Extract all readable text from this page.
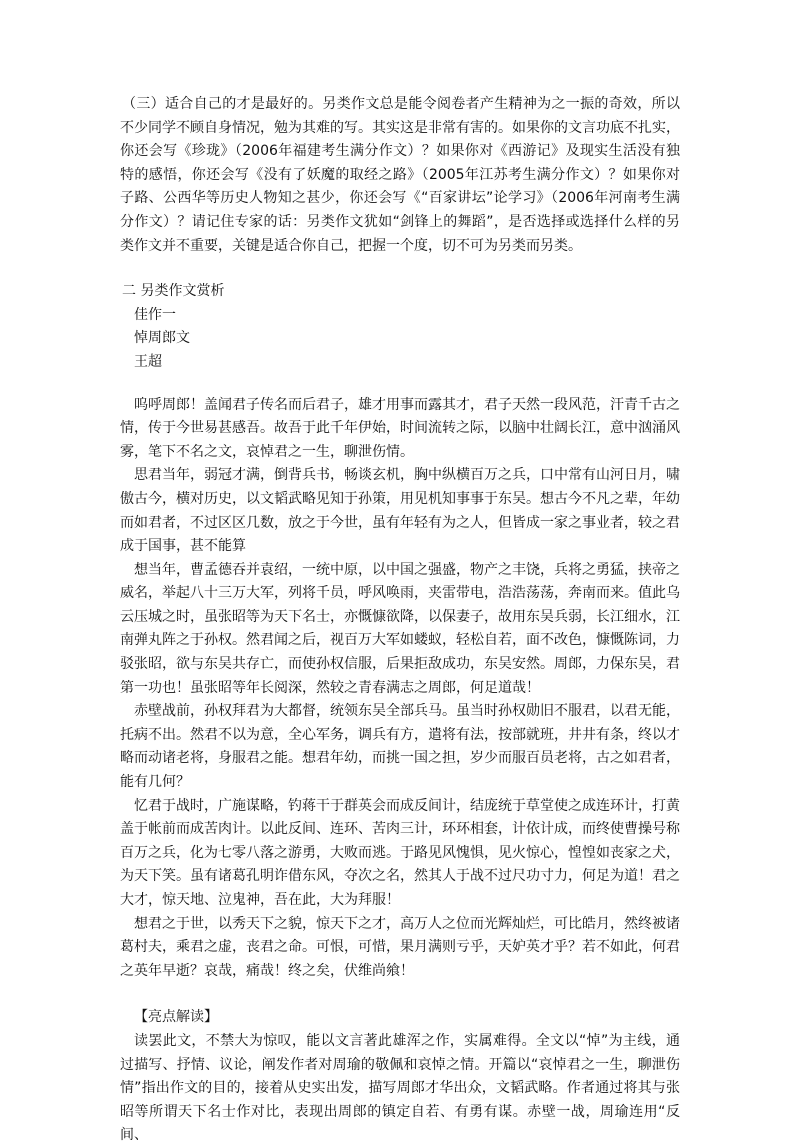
（三）适合自己的才是最好的。另类作文总是能令阅卷者产生精神为之一振的奇效，所以不少同学不顾自身情况，勉为其难的写。其实这是非常有害的。如果你的文言功底不扎实，你还会写《珍珑》（2006年福建考生满分作文）？如果你对《西游记》及现实生活没有独特的感悟，你还会写《没有了妖魔的取经之路》（2005年江苏考生满分作文）？如果你对子路、公西华等历史人物知之甚少，你还会写《“百家讲坛”论学习》（2006年河南考生满分作文）？请记住专家的话：另类作文犹如“剑锋上的舞蹈”，是否选择或选择什么样的另类作文并不重要，关键是适合你自己，把握一个度，切不可为另类而另类。

二 另类作文赏析

佳作一

悼周郎文

王超

呜呼周郎！盖闻君子传名而后君子，雄才用事而露其才，君子天然一段风范，汗青千古之情，传于今世易甚感吾。故吾于此千年伊始，时间流转之际，以脑中壮阔长江，意中汹涌风雾，笔下不名之文，哀悼君之一生，聊泄伤情。

思君当年，弱冠才满，倒背兵书，畅谈玄机，胸中纵横百万之兵，口中常有山河日月，啸傲古今，横对历史，以文韬武略见知于孙策，用见机知事事于东吴。想古今不凡之辈，年幼而如君者，不过区区几数，放之于今世，虽有年轻有为之人，但皆成一家之事业者，较之君成于国事，甚不能算

想当年，曹孟德吞并袁绍，一统中原，以中国之强盛，物产之丰饶，兵将之勇猛，挟帝之威名，举起八十三万大军，列将千员，呼风唤雨，夹雷带电，浩浩荡荡，奔南而来。值此乌云压城之时，虽张昭等为天下名士，亦慨慷欲降，以保妻子，故用东吴兵弱，长江细水，江南弹丸阵之于孙权。然君闻之后，视百万大军如蝼蚁，轻松自若，面不改色，慷慨陈词，力驳张昭，欲与东吴共存亡，而使孙权信服，后果拒敌成功，东吴安然。周郎，力保东吴，君第一功也！虽张昭等年长阅深，然较之青春满志之周郎，何足道哉！

赤壁战前，孙权拜君为大都督，统领东吴全部兵马。虽当时孙权勋旧不服君，以君无能，托病不出。然君不以为意，全心军务，调兵有方，遣将有法，按部就班，井井有条，终以才略而动诸老将，身服君之能。想君年幼，而挑一国之担，岁少而服百员老将，古之如君者，能有几何？

忆君于战时，广施谋略，钓蒋干于群英会而成反间计，结庞统于草堂使之成连环计，打黄盖于帐前而成苦肉计。以此反间、连环、苦肉三计，环环相套，计依计成，而终使曹操号称百万之兵，化为七零八落之游勇，大败而逃。于路见风愧惧，见火惊心，惶惶如丧家之犬，为天下笑。虽有诸葛孔明诈借东风，夺次之名，然其人于战不过尺功寸力，何足为道！君之大才，惊天地、泣鬼神，吾在此，大为拜服！

想君之于世，以秀天下之貌，惊天下之才，高万人之位而光辉灿烂，可比皓月，然终被诸葛村夫，乘君之虚，丧君之命。可恨，可惜，果月满则亏乎，天妒英才乎？若不如此，何君之英年早逝？哀哉，痛哉！终之矣，伏维尚飨！

【亮点解读】

读罢此文，不禁大为惊叹，能以文言著此雄浑之作，实属难得。全文以“悼”为主线，通过描写、抒情、议论，阐发作者对周瑜的敬佩和哀悼之情。开篇以“哀悼君之一生，聊泄伤情”指出作文的目的，接着从史实出发，描写周郎才华出众，文韬武略。作者通过将其与张昭等所谓天下名士作对比，表现出周郎的镇定自若、有勇有谋。赤壁一战，周瑜连用“反间、
